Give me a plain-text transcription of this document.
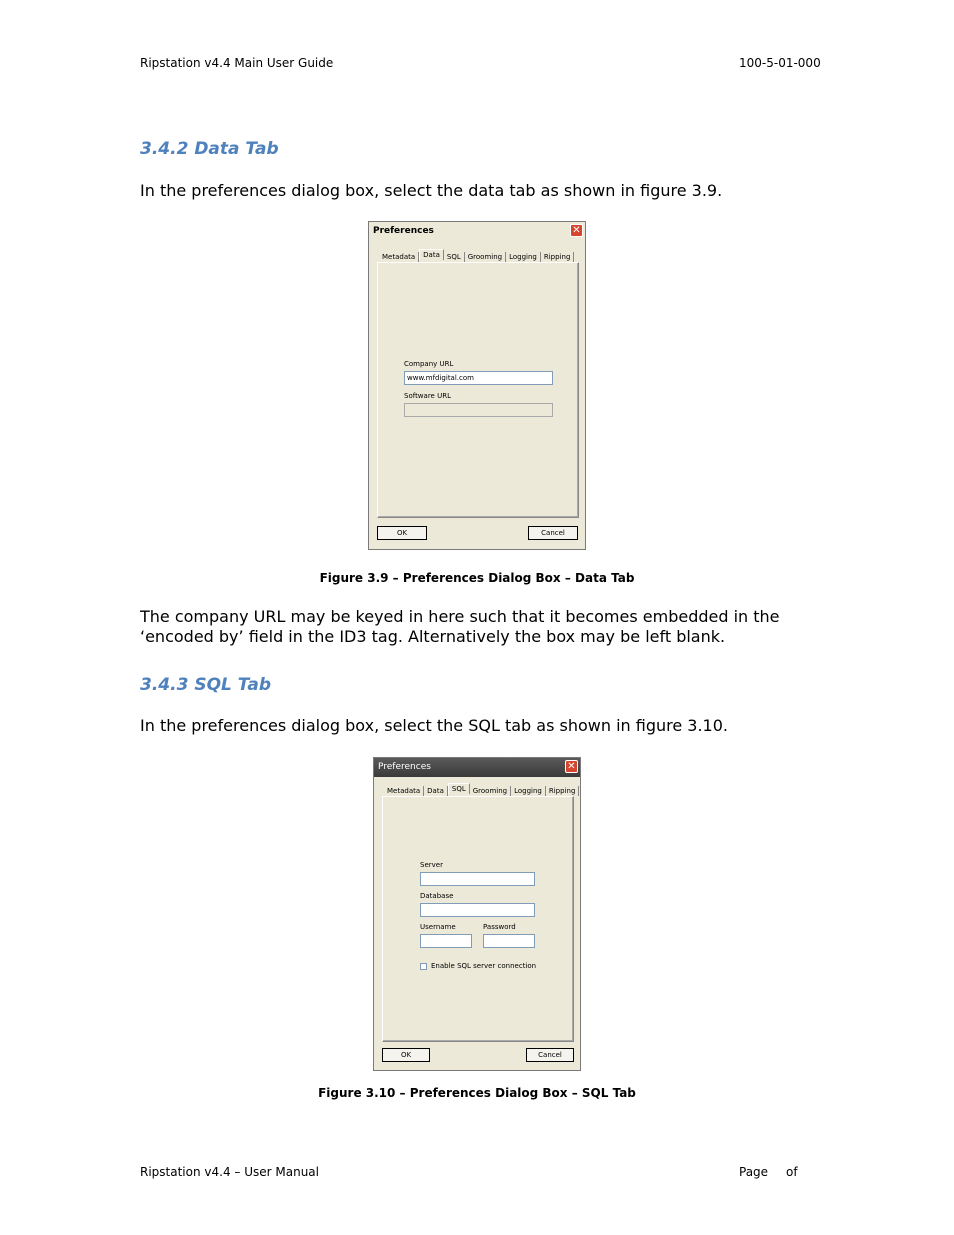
Ripstation v4.4 Main User Guide	100-5-01-000
3.4.2 Data Tab
In the preferences dialog box, select the data tab as shown in figure 3.9.
Preferences	✕
Metadata	Data	SQL	Grooming	Logging	Ripping
Company URL
www.mfdigital.com
Software URL
OK	Cancel
Figure 3.9 – Preferences Dialog Box – Data Tab
The company URL may be keyed in here such that it becomes embedded in the ‘encoded by’ field in the ID3 tag. Alternatively the box may be left blank.
3.4.3 SQL Tab
In the preferences dialog box, select the SQL tab as shown in figure 3.10.
Preferences	✕
Metadata	Data	SQL	Grooming	Logging	Ripping
Server
Database
Username	Password
Enable SQL server connection
OK	Cancel
Figure 3.10 – Preferences Dialog Box – SQL Tab
Ripstation v4.4 – User Manual	Page of
